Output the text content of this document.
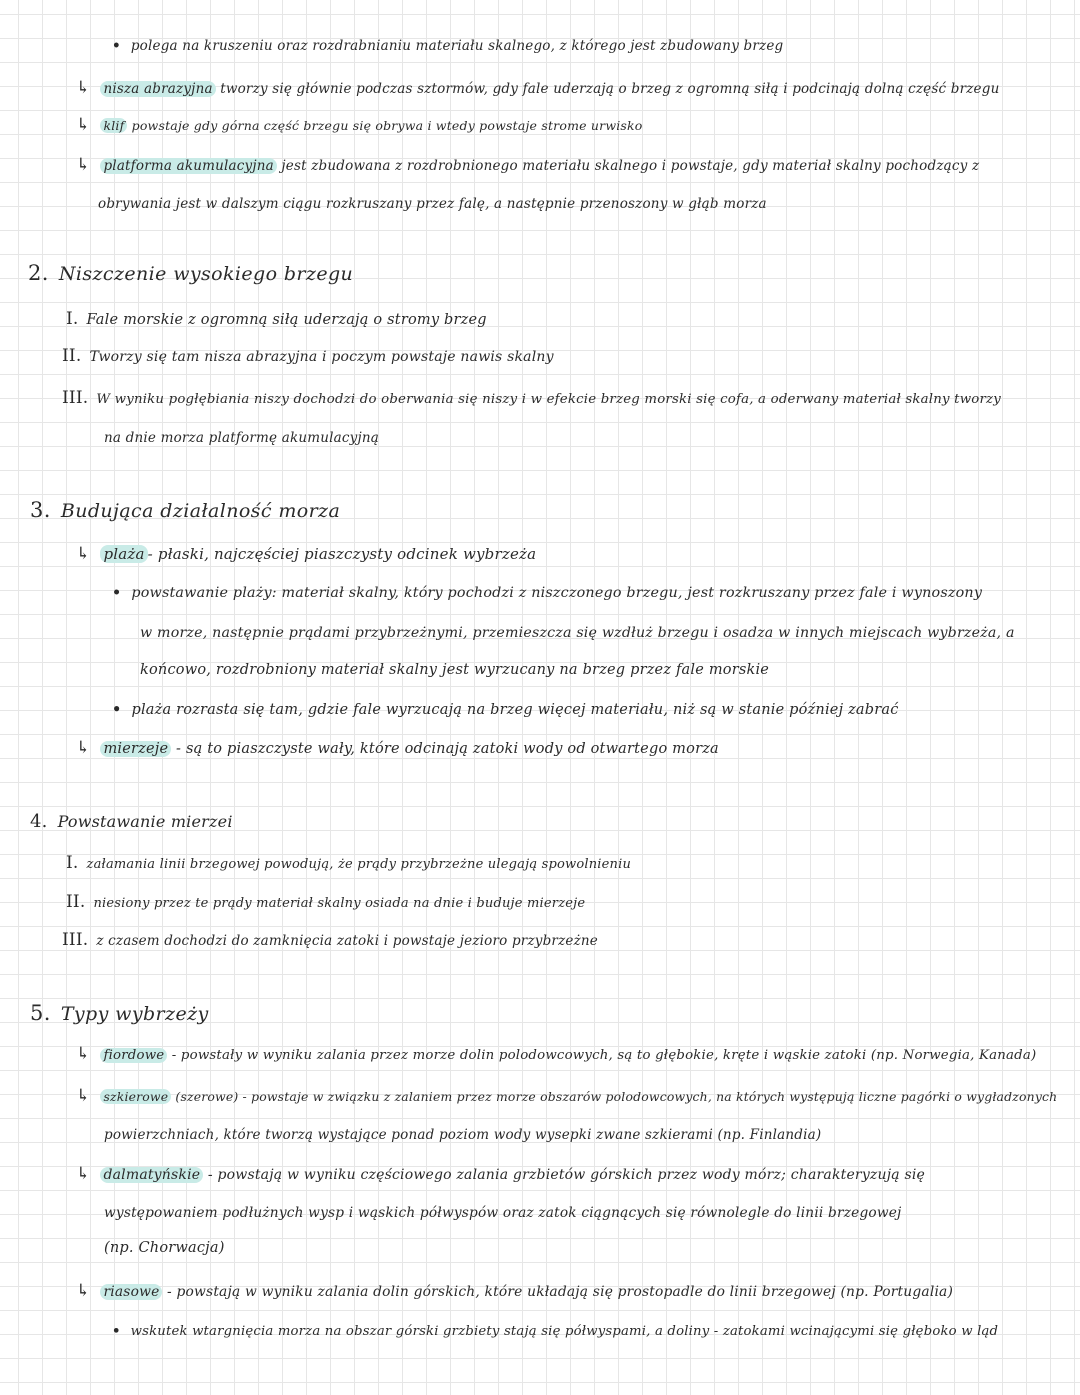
• polega na kruszeniu oraz rozdrabnianiu materiału skalnego, z którego jest zbudowany brzeg
↳ nisza abrazyjna tworzy się głównie podczas sztormów, gdy fale uderzają o brzeg z ogromną siłą i podcinają dolną część brzegu
↳ klif powstaje gdy górna część brzegu się obrywa i wtedy powstaje strome urwisko
↳ platforma akumulacyjna jest zbudowana z rozdrobnionego materiału skalnego i powstaje, gdy materiał skalny pochodzący z
obrywania jest w dalszym ciągu rozkruszany przez falę, a następnie przenoszony w głąb morza
2. Niszczenie wysokiego brzegu
I. Fale morskie z ogromną siłą uderzają o stromy brzeg
II. Tworzy się tam nisza abrazyjna i poczym powstaje nawis skalny
III. W wyniku pogłębiania niszy dochodzi do oberwania się niszy i w efekcie brzeg morski się cofa, a oderwany materiał skalny tworzy
na dnie morza platformę akumulacyjną
3. Budująca działalność morza
↳ plaża - płaski, najczęściej piaszczysty odcinek wybrzeża
• powstawanie plaży: materiał skalny, który pochodzi z niszczonego brzegu, jest rozkruszany przez fale i wynoszony
w morze, następnie prądami przybrzeżnymi, przemieszcza się wzdłuż brzegu i osadza w innych miejscach wybrzeża, a
końcowo, rozdrobniony materiał skalny jest wyrzucany na brzeg przez fale morskie
• plaża rozrasta się tam, gdzie fale wyrzucają na brzeg więcej materiału, niż są w stanie później zabrać
↳ mierzeje - są to piaszczyste wały, które odcinają zatoki wody od otwartego morza
4. Powstawanie mierzei
I. załamania linii brzegowej powodują, że prądy przybrzeżne ulegają spowolnieniu
II. niesiony przez te prądy materiał skalny osiada na dnie i buduje mierzeje
III. z czasem dochodzi do zamknięcia zatoki i powstaje jezioro przybrzeżne
5. Typy wybrzeży
↳ fiordowe - powstały w wyniku zalania przez morze dolin polodowcowych, są to głębokie, kręte i wąskie zatoki (np. Norwegia, Kanada)
↳ szkierowe (szerowe) - powstaje w związku z zalaniem przez morze obszarów polodowcowych, na których występują liczne pagórki o wygładzonych
powierzchniach, które tworzą wystające ponad poziom wody wysepki zwane szkierami (np. Finlandia)
↳ dalmatyńskie - powstają w wyniku częściowego zalania grzbietów górskich przez wody mórz; charakteryzują się
występowaniem podłużnych wysp i wąskich półwyspów oraz zatok ciągnących się równolegle do linii brzegowej
(np. Chorwacja)
↳ riasowe - powstają w wyniku zalania dolin górskich, które układają się prostopadle do linii brzegowej (np. Portugalia)
• wskutek wtargnięcia morza na obszar górski grzbiety stają się półwyspami, a doliny - zatokami wcinającymi się głęboko w ląd
